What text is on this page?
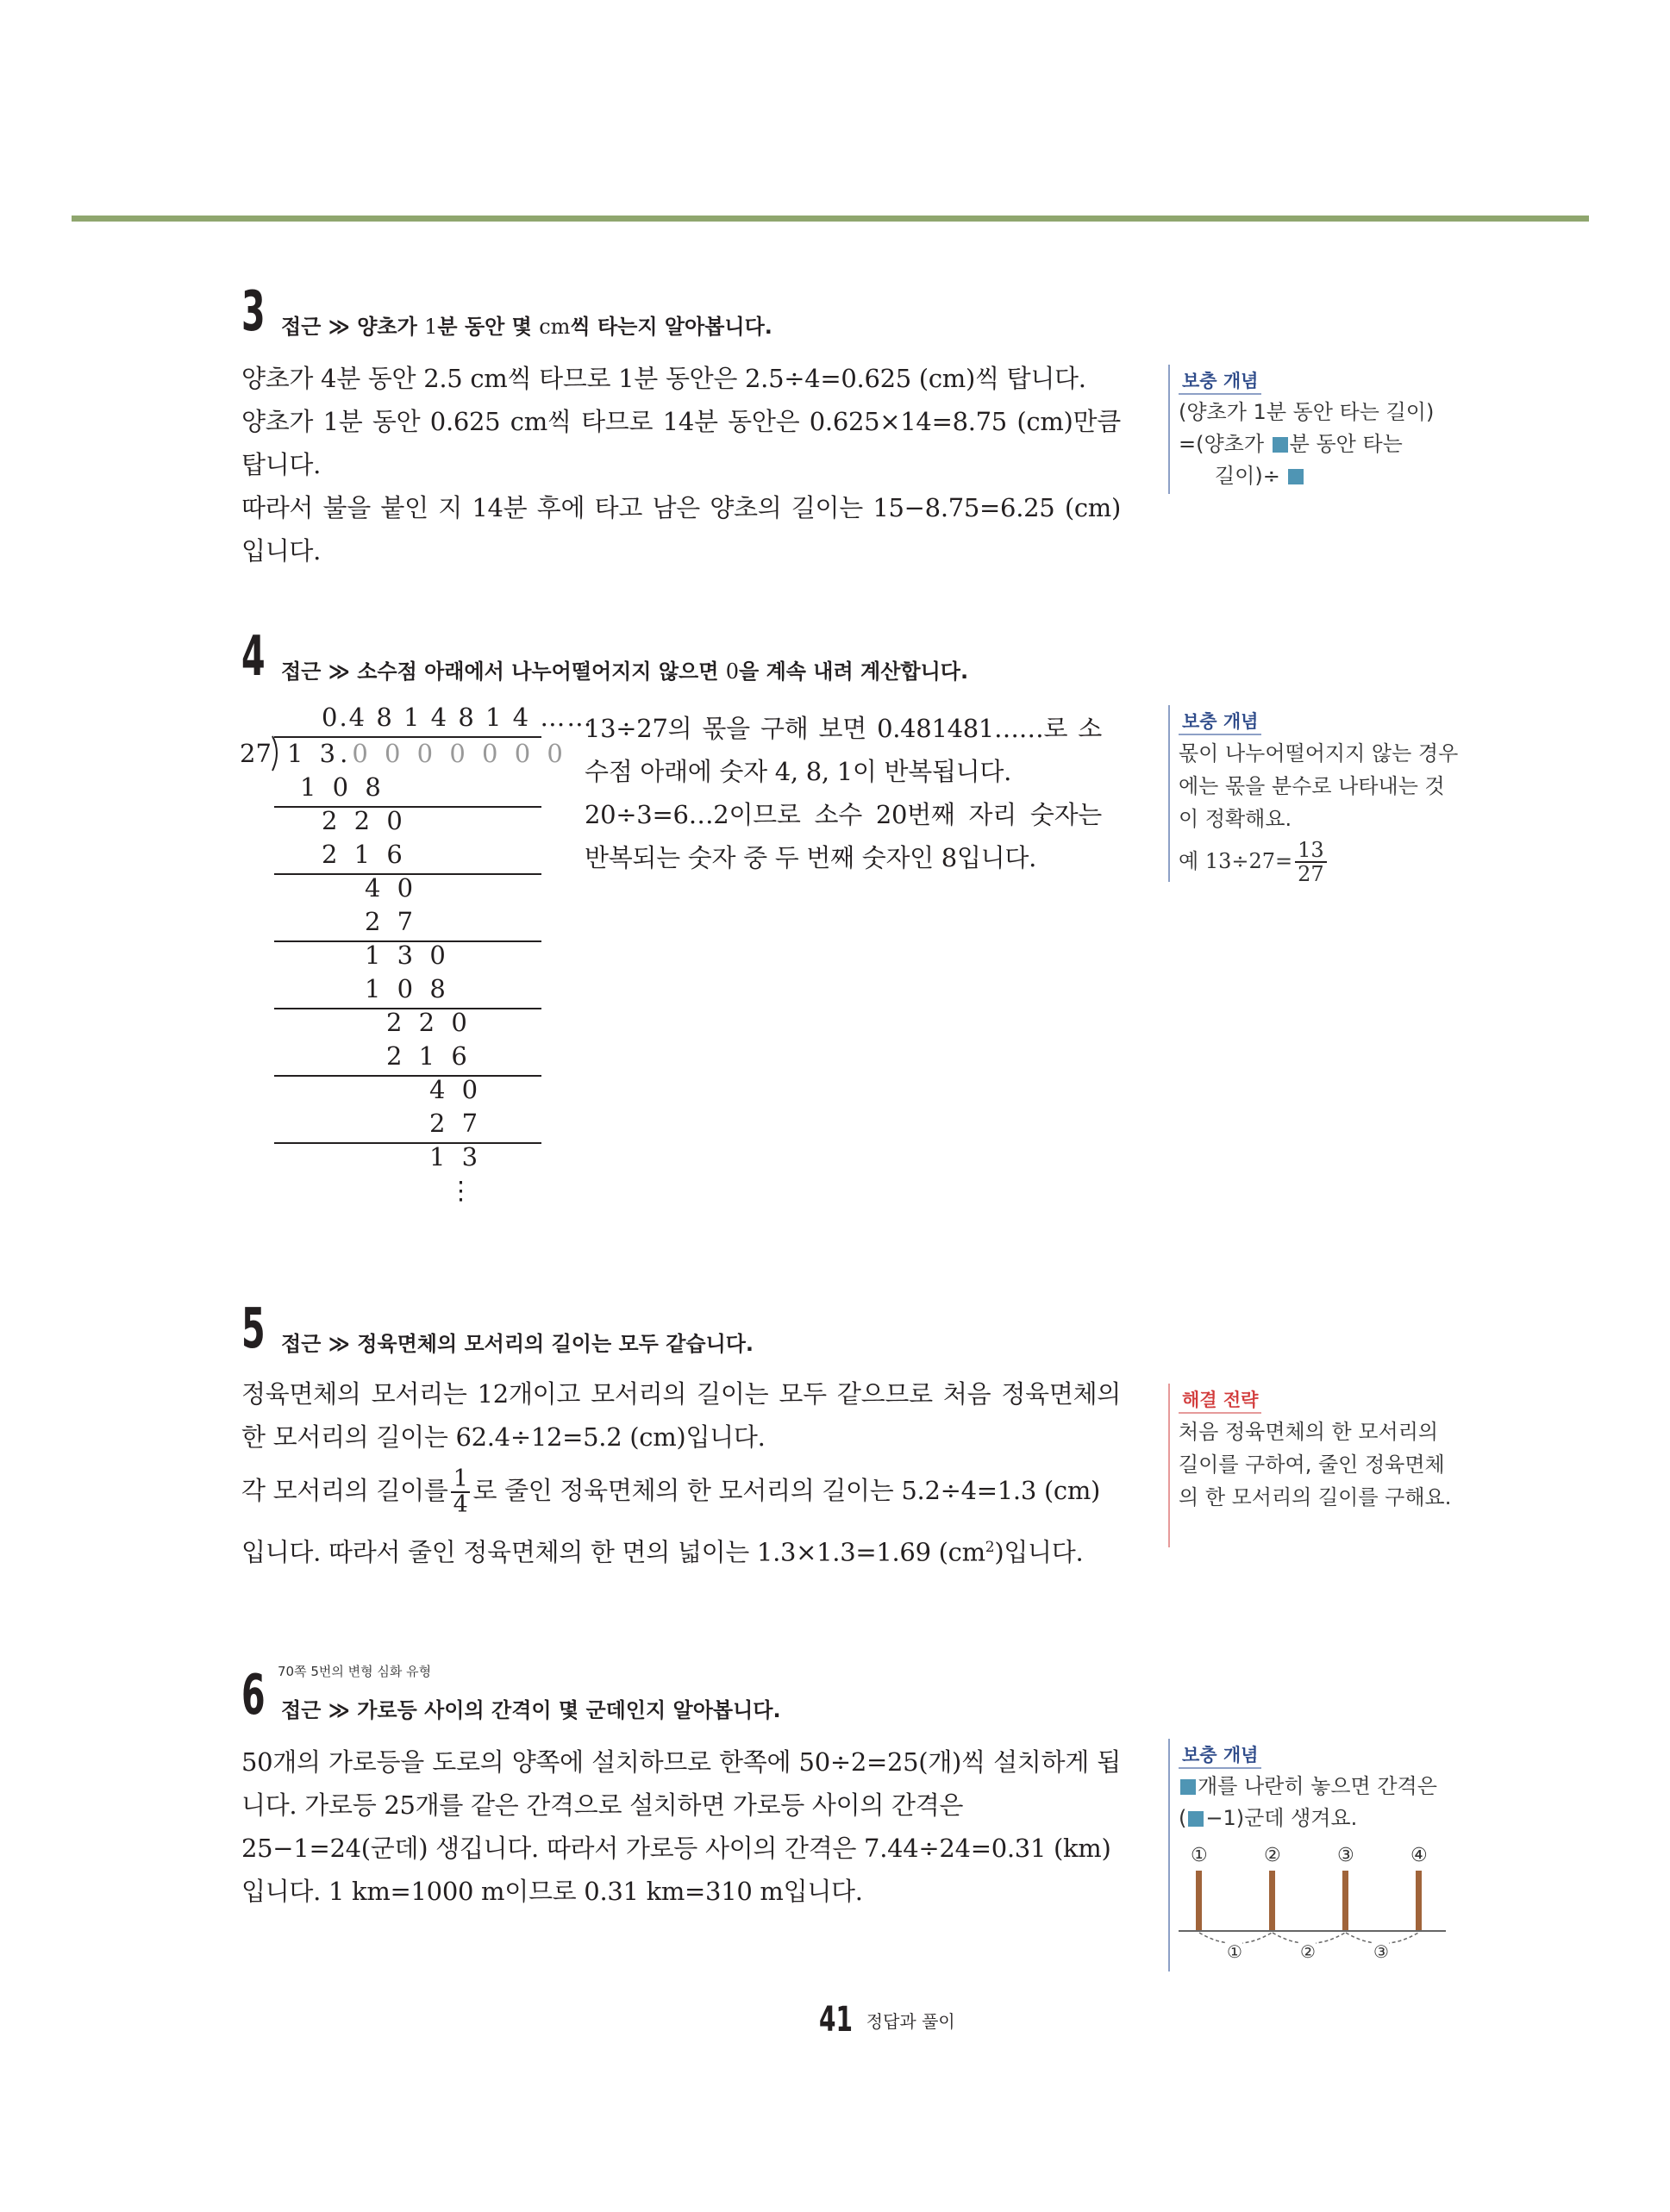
3 접근 ≫ 양초가 1분 동안 몇 cm씩 타는지 알아봅니다.

양초가 4분 동안 2.5 cm씩 타므로 1분 동안은 2.5÷4=0.625 (cm)씩 탑니다.

양초가 1분 동안 0.625 cm씩 타므로 14분 동안은 0.625×14=8.75 (cm)만큼 탑니다.

따라서 불을 붙인 지 14분 후에 타고 남은 양초의 길이는 15−8.75=6.25 (cm) 입니다.

보충 개념
(양초가 1분 동안 타는 길이)
=(양초가 분 동안 타는
길이)÷
4 접근 ≫ 소수점 아래에서 나누어떨어지지 않으면 0을 계속 내려 계산합니다.
0.4 8 1 4 8 1 4 ……
27 1 3.0 0 0 0 0 0 0
1 0 8
2 2 0
2 1 6
4 0
2 7
1 3 0
1 0 8
2 2 0
2 1 6
4 0
2 7
1 3
⋮

13÷27의 몫을 구해 보면 0.481481……로 소수점 아래에 숫자 4, 8, 1이 반복됩니다.

20÷3=6…2이므로 소수 20번째 자리 숫자는 반복되는 숫자 중 두 번째 숫자인 8입니다.

보충 개념
몫이 나누어떨어지지 않는 경우에는 몫을 분수로 나타내는 것이 정확해요.
예 $13\div 27= \frac{13}{27}$
5 접근 ≫ 정육면체의 모서리의 길이는 모두 같습니다.

정육면체의 모서리는 12개이고 모서리의 길이는 모두 같으므로 처음 정육면체의 한 모서리의 길이는 62.4÷12=5.2 (cm)입니다.

각 모서리의 길이를 $\frac{1}{4}$ 로 줄인 정육면체의 한 모서리의 길이는 5.2÷4=1.3 (cm)

입니다. 따라서 줄인 정육면체의 한 면의 넓이는 1.3×1.3=1.69 $(cm^2)$입니다.

해결 전략
처음 정육면체의 한 모서리의 길이를 구하여, 줄인 정육면체의 한 모서리의 길이를 구해요.
70쪽 5번의 변형 심화 유형
6 접근 ≫ 가로등 사이의 간격이 몇 군데인지 알아봅니다.

50개의 가로등을 도로의 양쪽에 설치하므로 한쪽에 50÷2=25(개)씩 설치하게 됩니다. 가로등 25개를 같은 간격으로 설치하면 가로등 사이의 간격은

25−1=24(군데) 생깁니다. 따라서 가로등 사이의 간격은 7.44÷24=0.31 (km)

입니다. 1 km=1000 m이므로 0.31 km=310 m입니다.

보충 개념
개를 나란히 놓으면 간격은
( −1)군데 생겨요.
①	②	③	④
①	②	③
41 정답과 풀이
